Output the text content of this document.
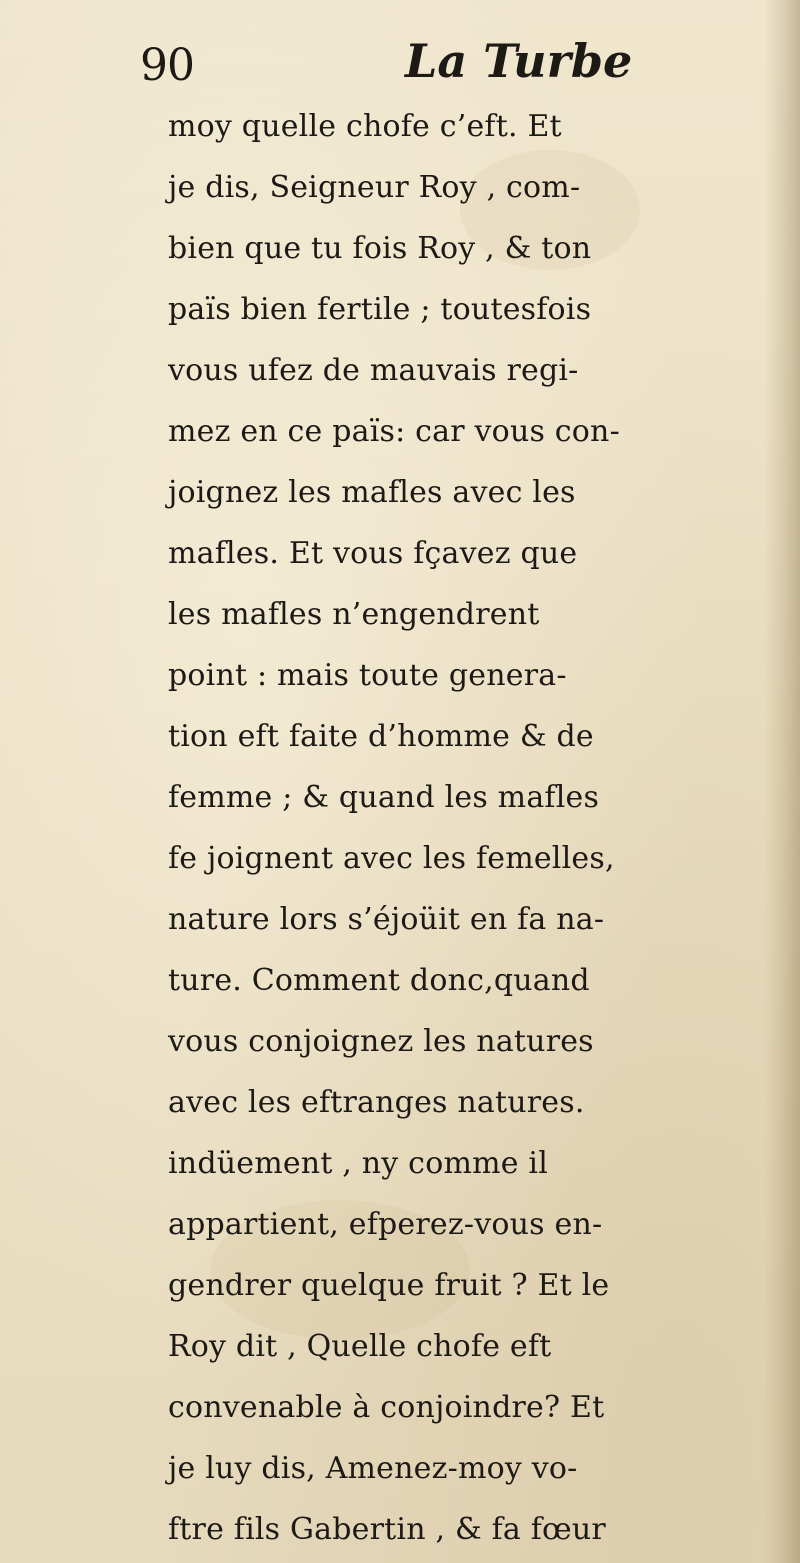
90	La Turbe
moy quelle chofe c’eft. Et
je dis, Seigneur Roy , com-
bien que tu fois Roy , & ton
païs bien fertile ; toutesfois
vous ufez de mauvais regi-
mez en ce païs: car vous con-
joignez les mafles avec les
mafles. Et vous fçavez que
les mafles n’engendrent
point : mais toute genera-
tion eft faite d’homme & de
femme ; & quand les mafles
fe joignent avec les femelles,
nature lors s’éjoüit en fa na-
ture. Comment donc,quand
vous conjoignez les natures
avec les eftranges natures.
indüement , ny comme il
appartient, efperez-vous en-
gendrer quelque fruit ? Et le
Roy dit , Quelle chofe eft
convenable à conjoindre? Et
je luy dis, Amenez-moy vo-
ftre fils Gabertin , & fa fœur
